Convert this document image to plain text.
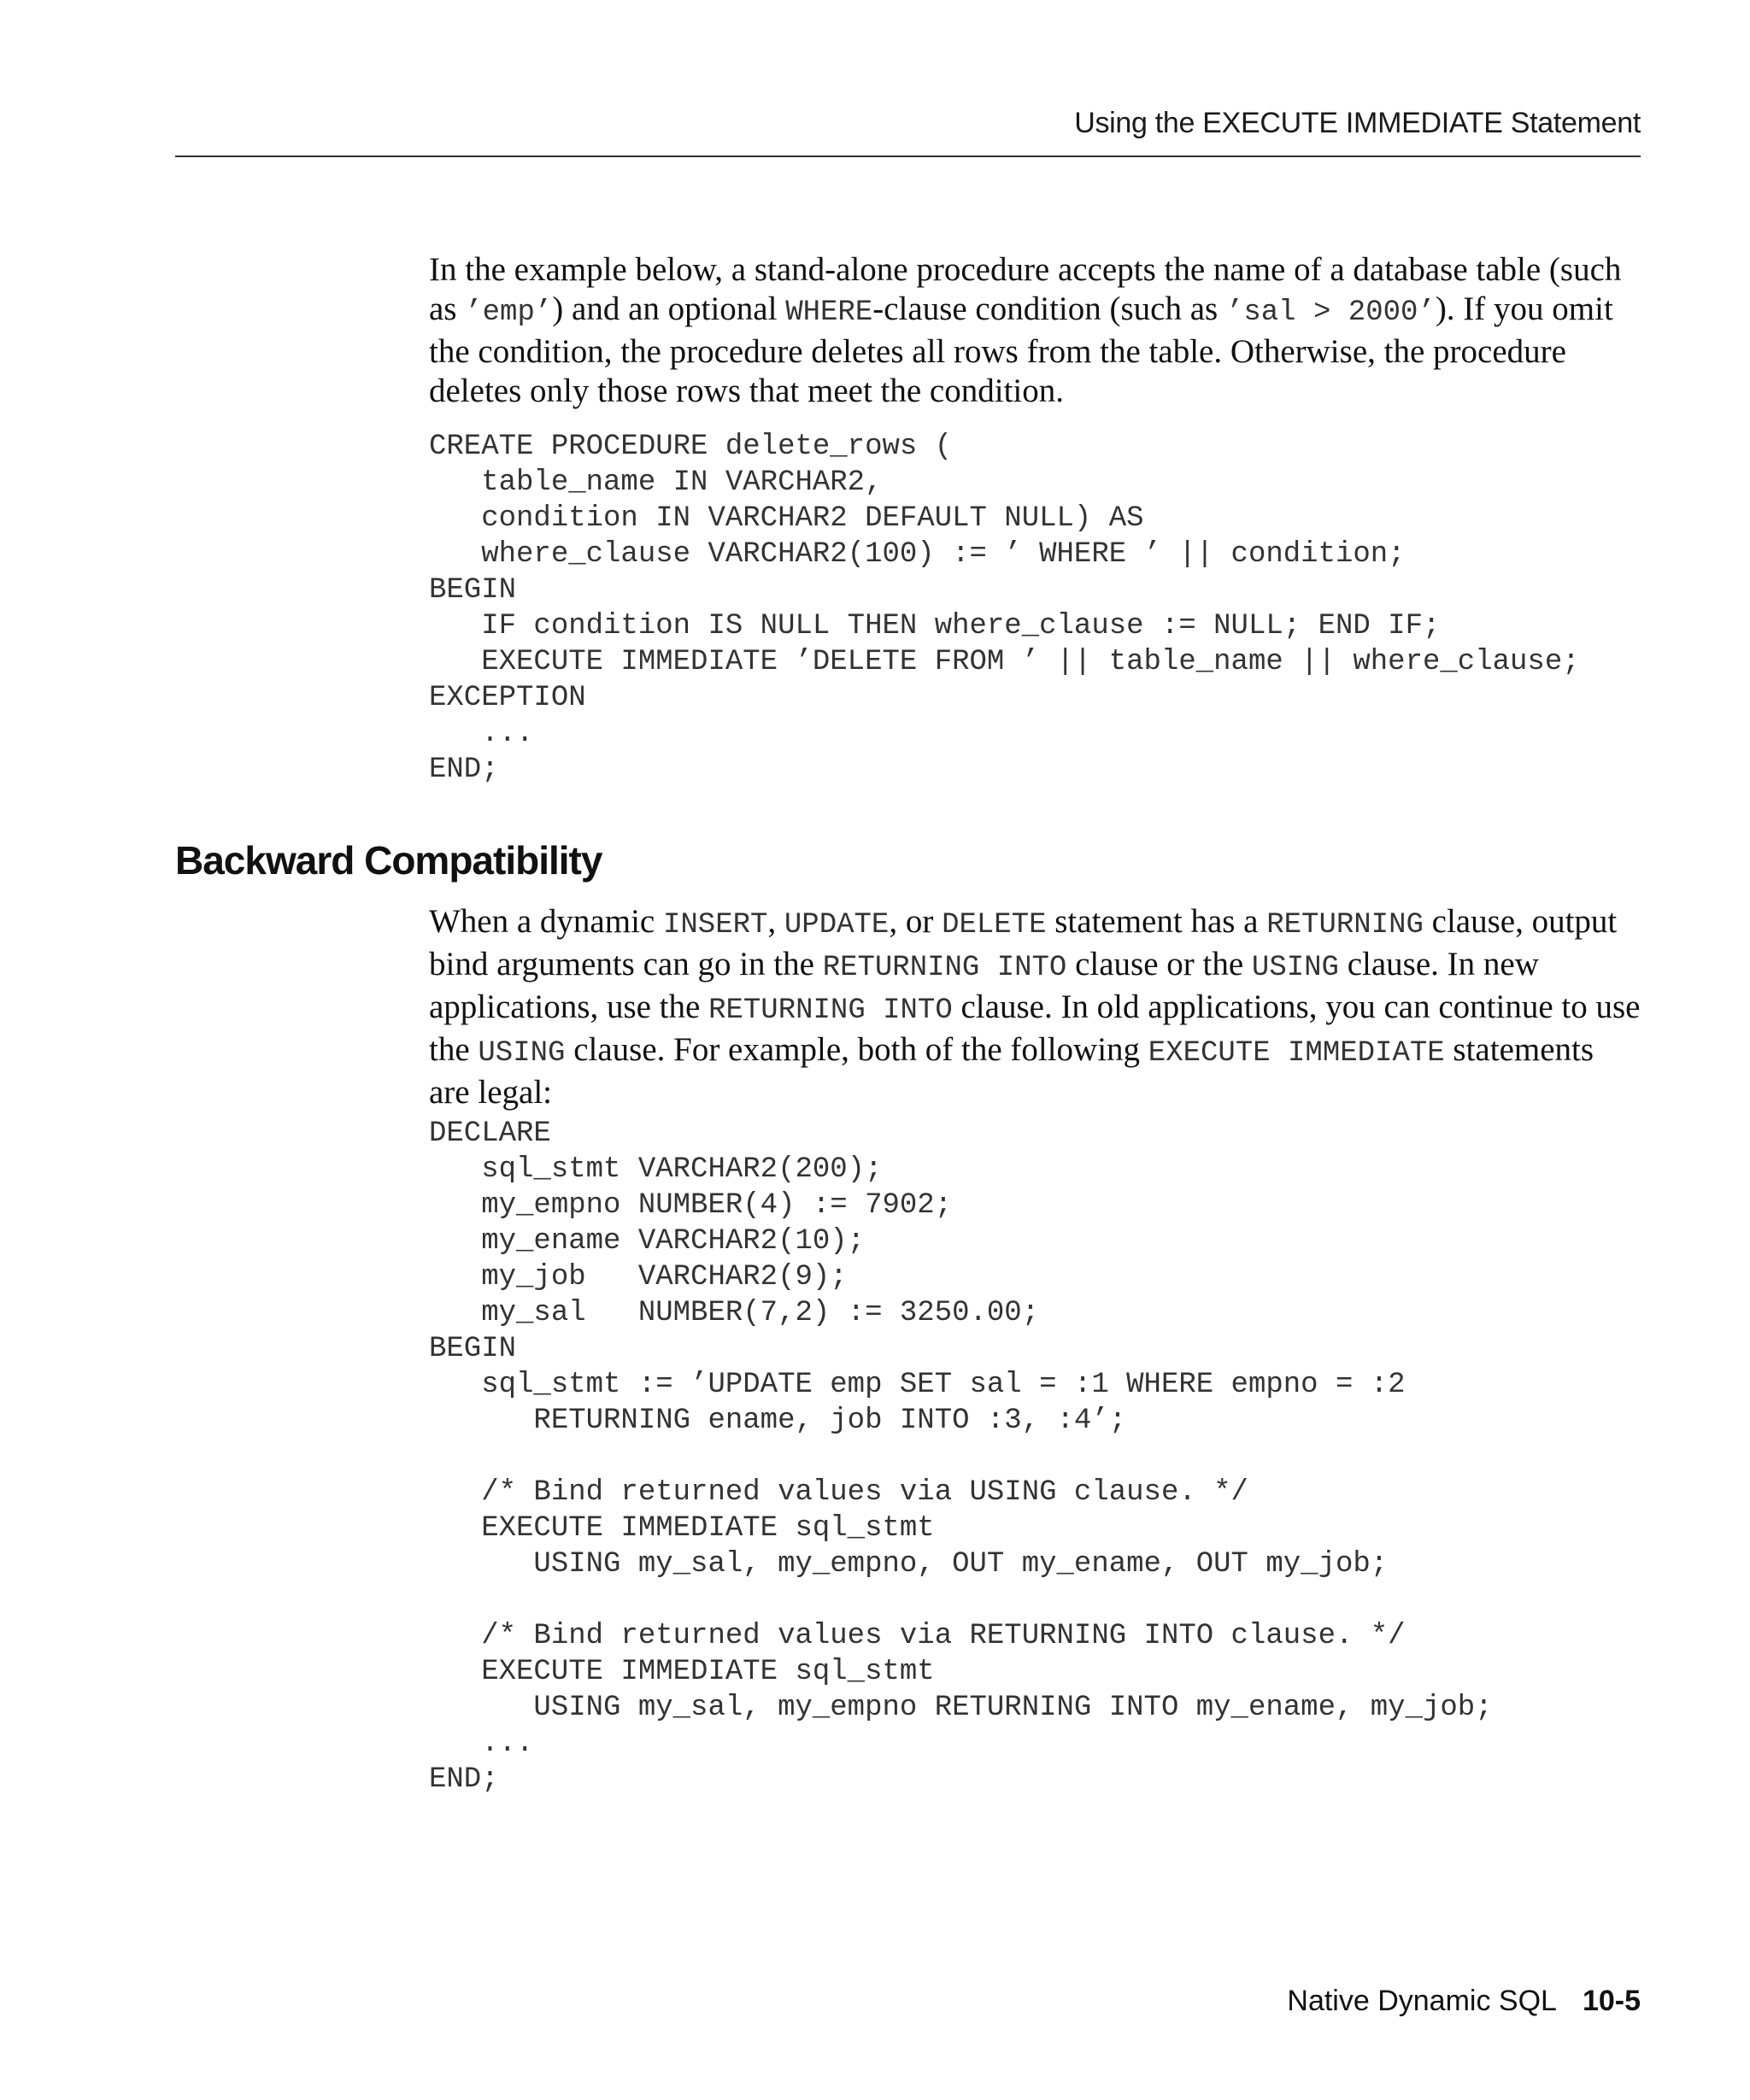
Using the EXECUTE IMMEDIATE Statement

In the example below, a stand-alone procedure accepts the name of a database table (such as ’emp’) and an optional WHERE-clause condition (such as ’sal > 2000’). If you omit the condition, the procedure deletes all rows from the table. Otherwise, the procedure deletes only those rows that meet the condition.

CREATE PROCEDURE delete_rows (
table_name IN VARCHAR2,
condition IN VARCHAR2 DEFAULT NULL) AS
where_clause VARCHAR2(100) := ’ WHERE ’ || condition;
BEGIN
IF condition IS NULL THEN where_clause := NULL; END IF;
EXECUTE IMMEDIATE ’DELETE FROM ’ || table_name || where_clause;
EXCEPTION
...
END;
Backward Compatibility

When a dynamic INSERT, UPDATE, or DELETE statement has a RETURNING clause, output bind arguments can go in the RETURNING INTO clause or the USING clause. In new applications, use the RETURNING INTO clause. In old applications, you can continue to use the USING clause. For example, both of the following EXECUTE IMMEDIATE statements are legal:

DECLARE
sql_stmt VARCHAR2(200);
my_empno NUMBER(4) := 7902;
my_ename VARCHAR2(10);
my_job   VARCHAR2(9);
my_sal   NUMBER(7,2) := 3250.00;
BEGIN
sql_stmt := ’UPDATE emp SET sal = :1 WHERE empno = :2
RETURNING ename, job INTO :3, :4’;

/* Bind returned values via USING clause. */
EXECUTE IMMEDIATE sql_stmt
USING my_sal, my_empno, OUT my_ename, OUT my_job;

/* Bind returned values via RETURNING INTO clause. */
EXECUTE IMMEDIATE sql_stmt
USING my_sal, my_empno RETURNING INTO my_ename, my_job;
...
END;
Native Dynamic SQL 10-5
